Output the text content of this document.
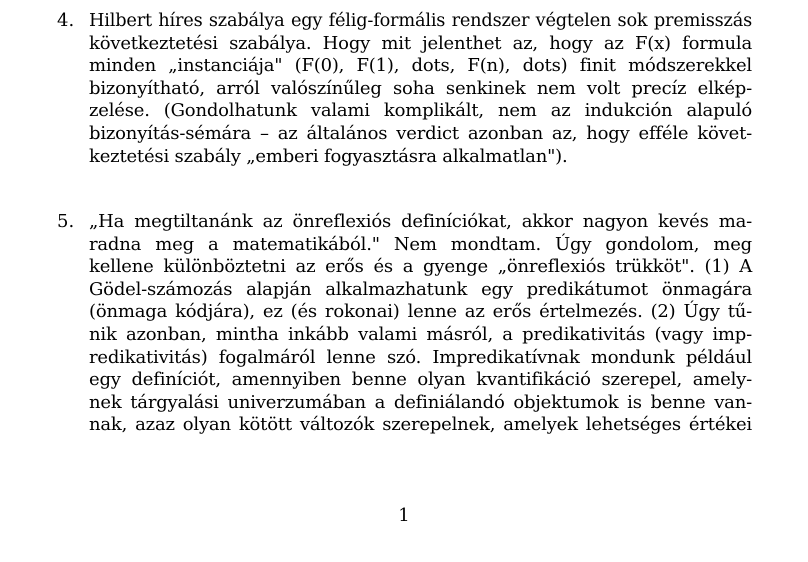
4. Hilbert híres szabálya egy félig-formális rendszer végtelen sok premisszás
következtetési szabálya. Hogy mit jelenthet az, hogy az F(x) formula
minden „instanciája" (F(0), F(1), dots, F(n), dots) finit módszerekkel
bizonyítható, arról valószínűleg soha senkinek nem volt precíz elkép-
zelése. (Gondolhatunk valami komplikált, nem az indukción alapuló
bizonyítás-sémára – az általános verdict azonban az, hogy efféle követ-
keztetési szabály „emberi fogyasztásra alkalmatlan").
5. „Ha megtiltanánk az önreflexiós definíciókat, akkor nagyon kevés ma-
radna meg a matematikából." Nem mondtam. Úgy gondolom, meg
kellene különböztetni az erős és a gyenge „önreflexiós trükköt". (1) A
Gödel-számozás alapján alkalmazhatunk egy predikátumot önmagára
(önmaga kódjára), ez (és rokonai) lenne az erős értelmezés. (2) Úgy tű-
nik azonban, mintha inkább valami másról, a predikativitás (vagy imp-
redikativitás) fogalmáról lenne szó. Impredikatívnak mondunk például
egy definíciót, amennyiben benne olyan kvantifikáció szerepel, amely-
nek tárgyalási univerzumában a definiálandó objektumok is benne van-
nak, azaz olyan kötött változók szerepelnek, amelyek lehetséges értékei
1
